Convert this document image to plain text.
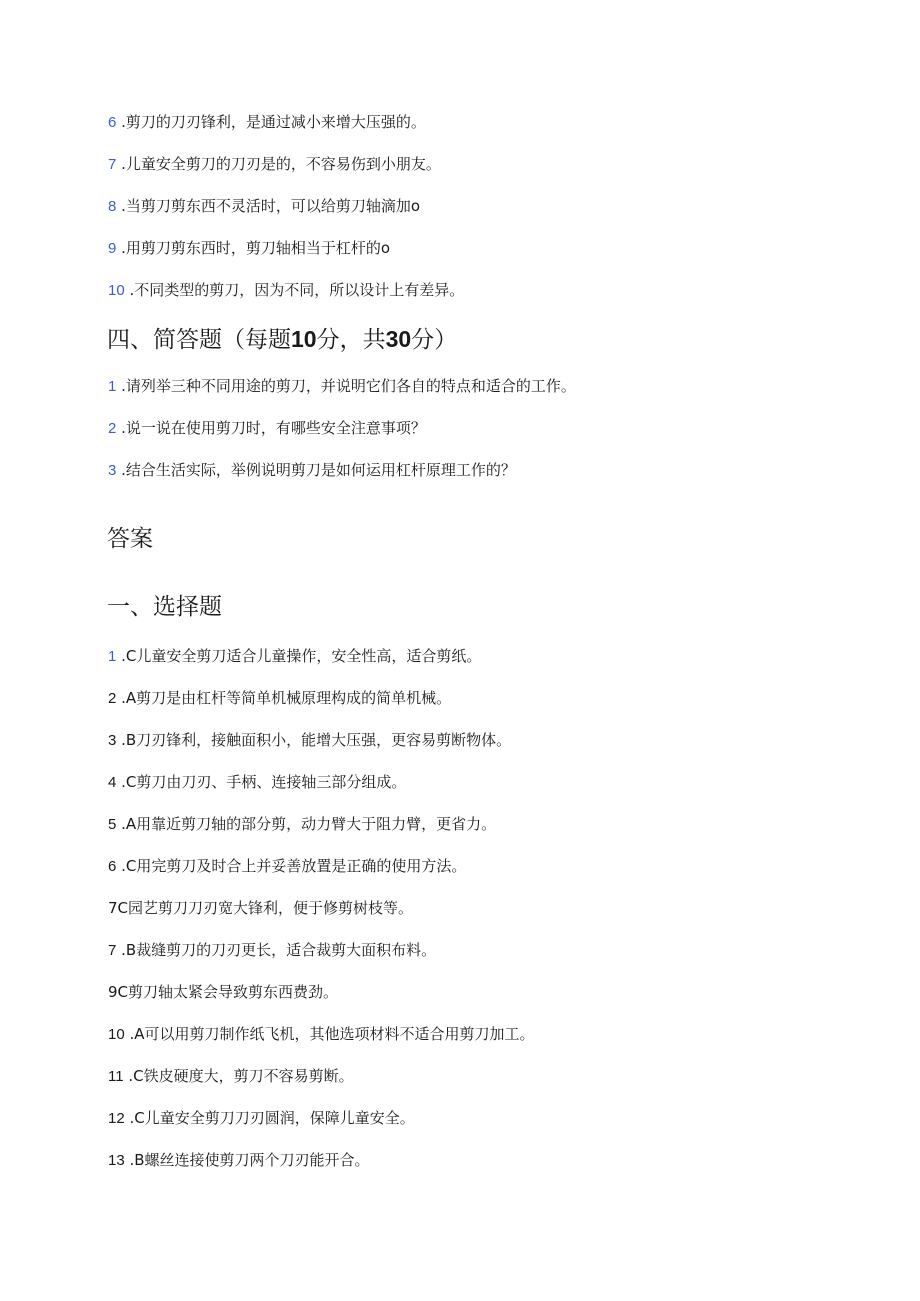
6 .剪刀的刀刃锋利，是通过减小来增大压强的。
7 .儿童安全剪刀的刀刃是的，不容易伤到小朋友。
8 .当剪刀剪东西不灵活时，可以给剪刀轴滴加o
9 .用剪刀剪东西时，剪刀轴相当于杠杆的o
10 .不同类型的剪刀，因为不同，所以设计上有差异。
四、简答题（每题10分，共30分）
1 .请列举三种不同用途的剪刀，并说明它们各自的特点和适合的工作。
2 .说一说在使用剪刀时，有哪些安全注意事项？
3 .结合生活实际，举例说明剪刀是如何运用杠杆原理工作的？
答案
一、选择题
1 .C儿童安全剪刀适合儿童操作，安全性高，适合剪纸。
2 .A剪刀是由杠杆等简单机械原理构成的简单机械。
3 .B刀刃锋利，接触面积小，能增大压强，更容易剪断物体。
4 .C剪刀由刀刃、手柄、连接轴三部分组成。
5 .A用靠近剪刀轴的部分剪，动力臂大于阻力臂，更省力。
6 .C用完剪刀及时合上并妥善放置是正确的使用方法。
7C园艺剪刀刀刃宽大锋利，便于修剪树枝等。
7 .B裁缝剪刀的刀刃更长，适合裁剪大面积布料。
9C剪刀轴太紧会导致剪东西费劲。
10 .A可以用剪刀制作纸飞机，其他选项材料不适合用剪刀加工。
11 .C铁皮硬度大，剪刀不容易剪断。
12 .C儿童安全剪刀刀刃圆润，保障儿童安全。
13 .B螺丝连接使剪刀两个刀刃能开合。
